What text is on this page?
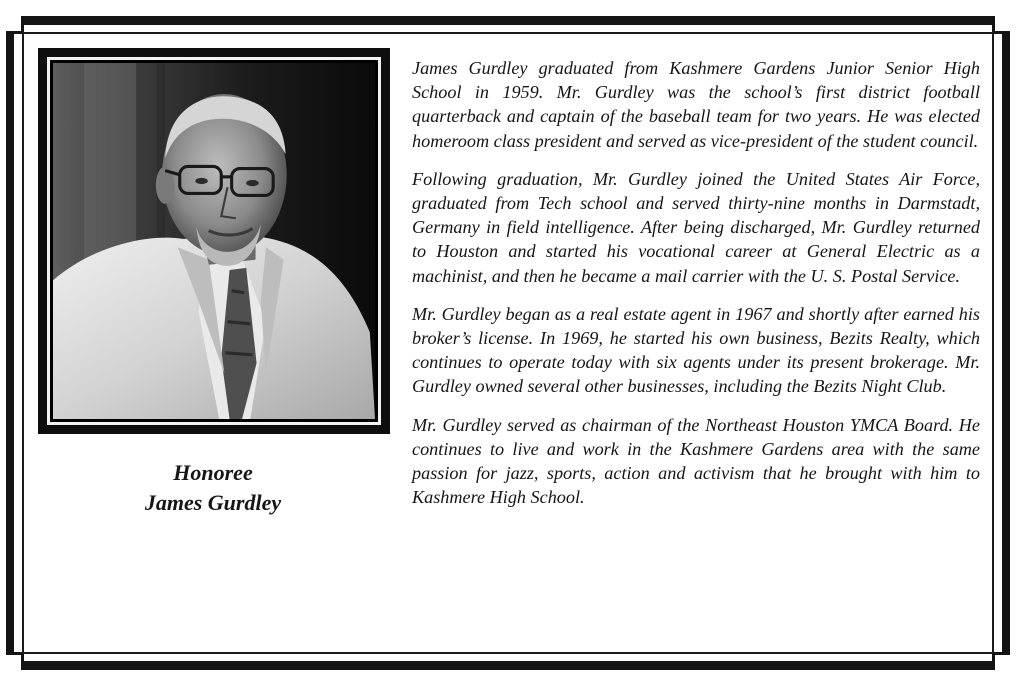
Honoree
James Gurdley

James Gurdley graduated from Kashmere Gardens Junior Senior High School in 1959. Mr. Gurdley was the school’s first district football quarterback and captain of the baseball team for two years. He was elected homeroom class president and served as vice-president of the student council.

Following graduation, Mr. Gurdley joined the United States Air Force, graduated from Tech school and served thirty-nine months in Darmstadt, Germany in field intelligence. After being discharged, Mr. Gurdley returned to Houston and started his vocational career at General Electric as a machinist, and then he became a mail carrier with the U. S. Postal Service.

Mr. Gurdley began as a real estate agent in 1967 and shortly after earned his broker’s license. In 1969, he started his own business, Bezits Realty, which continues to operate today with six agents under its present brokerage. Mr. Gurdley owned several other businesses, including the Bezits Night Club.

Mr. Gurdley served as chairman of the Northeast Houston YMCA Board. He continues to live and work in the Kashmere Gardens area with the same passion for jazz, sports, action and activism that he brought with him to Kashmere High School.
